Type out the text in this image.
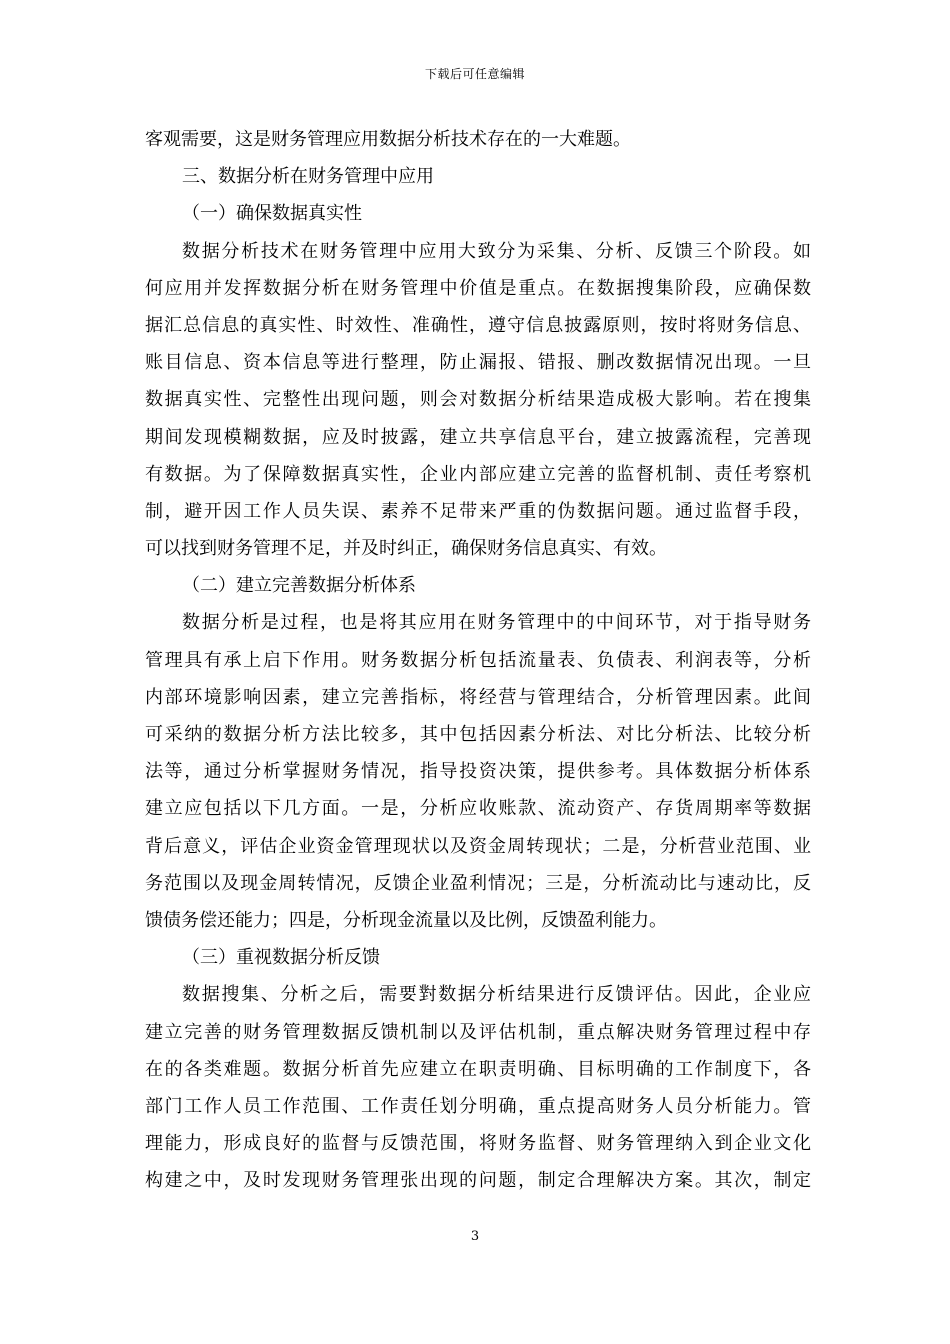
下载后可任意编辑
客观需要，这是财务管理应用数据分析技术存在的一大难题。
三、数据分析在财务管理中应用
（一）确保数据真实性
数据分析技术在财务管理中应用大致分为采集、分析、反馈三个阶段。如
何应用并发挥数据分析在财务管理中价值是重点。在数据搜集阶段，应确保数
据汇总信息的真实性、时效性、准确性，遵守信息披露原则，按时将财务信息、
账目信息、资本信息等进行整理，防止漏报、错报、删改数据情况出现。一旦
数据真实性、完整性出现问题，则会对数据分析结果造成极大影响。若在搜集
期间发现模糊数据，应及时披露，建立共享信息平台，建立披露流程，完善现
有数据。为了保障数据真实性，企业内部应建立完善的监督机制、责任考察机
制，避开因工作人员失误、素养不足带来严重的伪数据问题。通过监督手段，
可以找到财务管理不足，并及时纠正，确保财务信息真实、有效。
（二）建立完善数据分析体系
数据分析是过程，也是将其应用在财务管理中的中间环节，对于指导财务
管理具有承上启下作用。财务数据分析包括流量表、负债表、利润表等，分析
内部环境影响因素，建立完善指标，将经营与管理结合，分析管理因素。此间
可采纳的数据分析方法比较多，其中包括因素分析法、对比分析法、比较分析
法等，通过分析掌握财务情况，指导投资决策，提供参考。具体数据分析体系
建立应包括以下几方面。一是，分析应收账款、流动资产、存货周期率等数据
背后意义，评估企业资金管理现状以及资金周转现状；二是，分析营业范围、业
务范围以及现金周转情况，反馈企业盈利情况；三是，分析流动比与速动比，反
馈债务偿还能力；四是，分析现金流量以及比例，反馈盈利能力。
（三）重视数据分析反馈
数据搜集、分析之后，需要對数据分析结果进行反馈评估。因此，企业应
建立完善的财务管理数据反馈机制以及评估机制，重点解决财务管理过程中存
在的各类难题。数据分析首先应建立在职责明确、目标明确的工作制度下，各
部门工作人员工作范围、工作责任划分明确，重点提高财务人员分析能力。管
理能力，形成良好的监督与反馈范围，将财务监督、财务管理纳入到企业文化
构建之中，及时发现财务管理张出现的问题，制定合理解决方案。其次，制定
3
